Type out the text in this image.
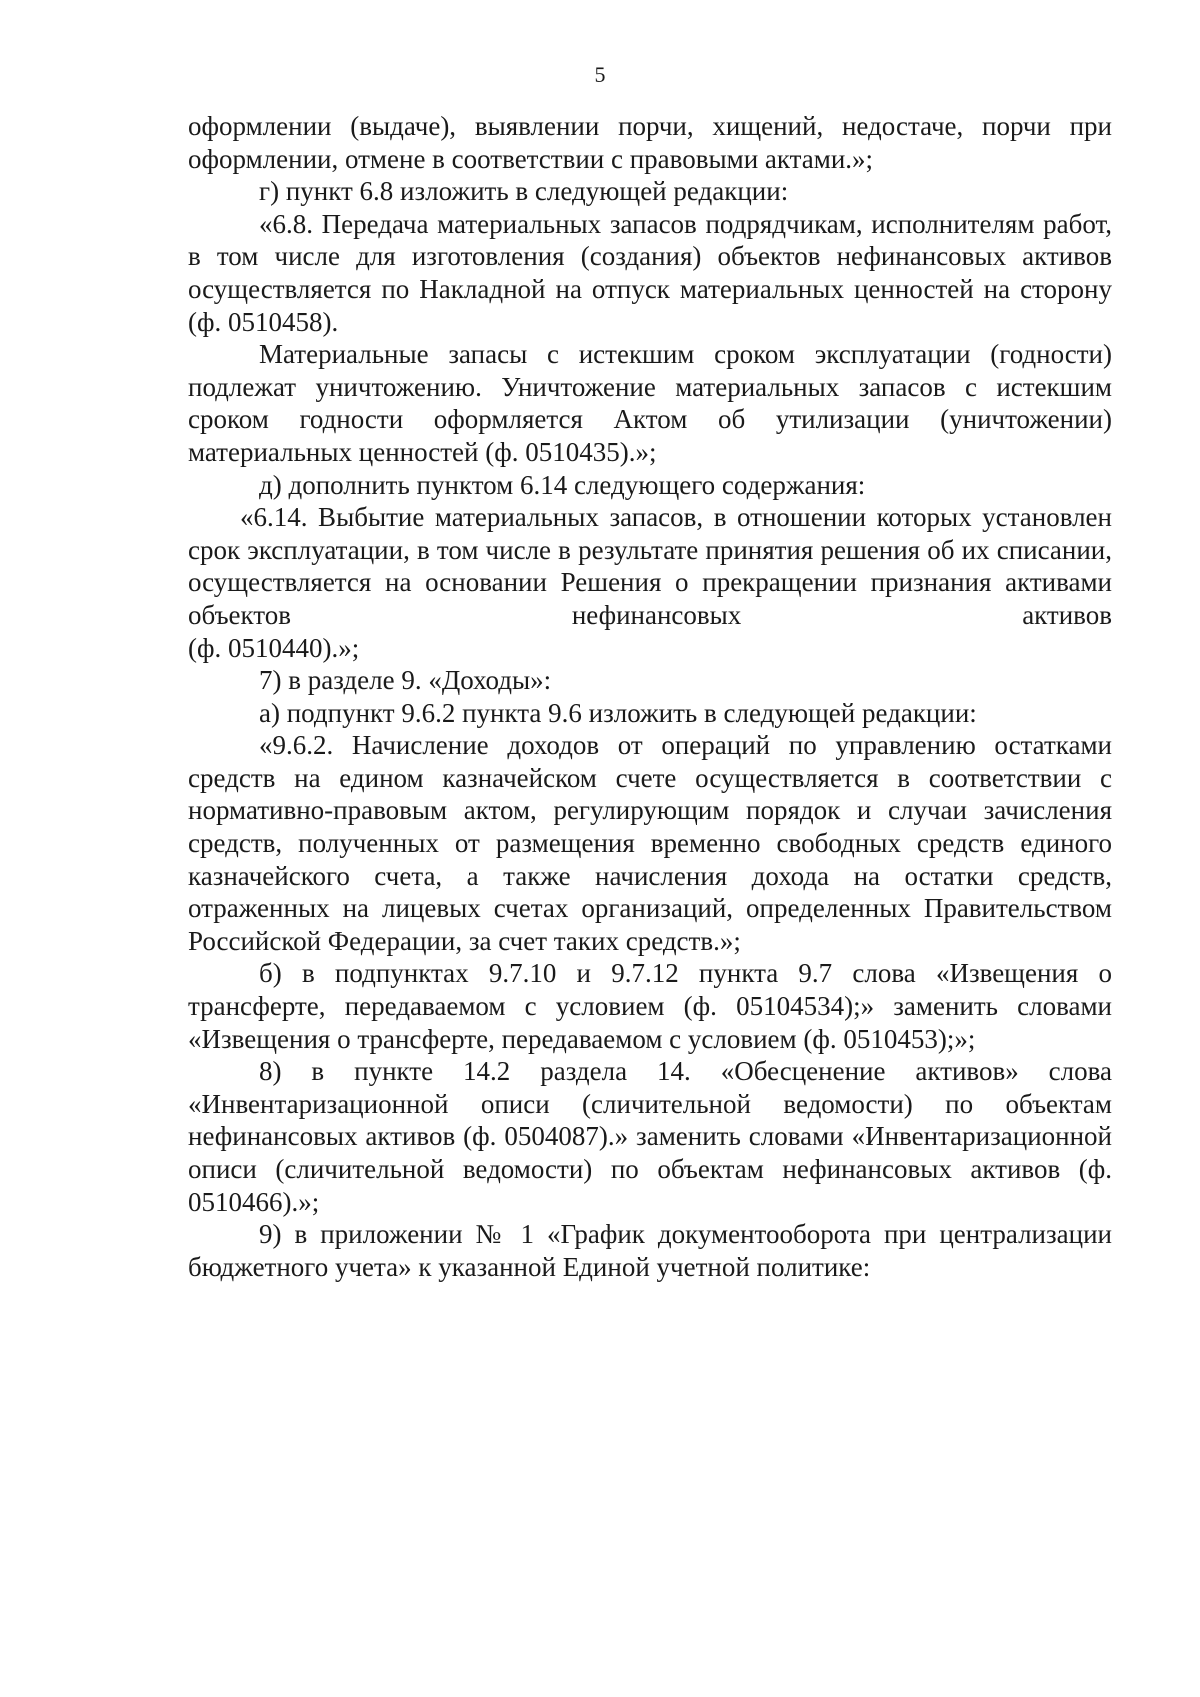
5

оформлении (выдаче), выявлении порчи, хищений, недостаче, порчи при оформлении, отмене в соответствии с правовыми актами.»;

г) пункт 6.8 изложить в следующей редакции:

«6.8. Передача материальных запасов подрядчикам, исполнителям работ, в том числе для изготовления (создания) объектов нефинансовых активов осуществляется по Накладной на отпуск материальных ценностей на сторону (ф. 0510458).

Материальные запасы с истекшим сроком эксплуатации (годности) подлежат уничтожению. Уничтожение материальных запасов с истекшим сроком годности оформляется Актом об утилизации (уничтожении) материальных ценностей (ф. 0510435).»;

д) дополнить пунктом 6.14 следующего содержания:

«6.14. Выбытие материальных запасов, в отношении которых установлен срок эксплуатации, в том числе в результате принятия решения об их списании, осуществляется на основании Решения о прекращении признания активами объектов нефинансовых активов

(ф. 0510440).»;

7) в разделе 9. «Доходы»:

а) подпункт 9.6.2 пункта 9.6 изложить в следующей редакции:

«9.6.2. Начисление доходов от операций по управлению остатками средств на едином казначейском счете осуществляется в соответствии с нормативно-правовым актом, регулирующим порядок и случаи зачисления средств, полученных от размещения временно свободных средств единого казначейского счета, а также начисления дохода на остатки средств, отраженных на лицевых счетах организаций, определенных Правительством Российской Федерации, за счет таких средств.»;

б) в подпунктах 9.7.10 и 9.7.12 пункта 9.7 слова «Извещения о трансферте, передаваемом с условием (ф. 05104534);» заменить словами «Извещения о трансферте, передаваемом с условием (ф. 0510453);»;

8) в пункте 14.2 раздела 14. «Обесценение активов» слова «Инвентаризационной описи (сличительной ведомости) по объектам нефинансовых активов (ф. 0504087).» заменить словами «Инвентаризационной описи (сличительной ведомости) по объектам нефинансовых активов (ф. 0510466).»;

9) в приложении № 1 «График документооборота при централизации бюджетного учета» к указанной Единой учетной политике:
